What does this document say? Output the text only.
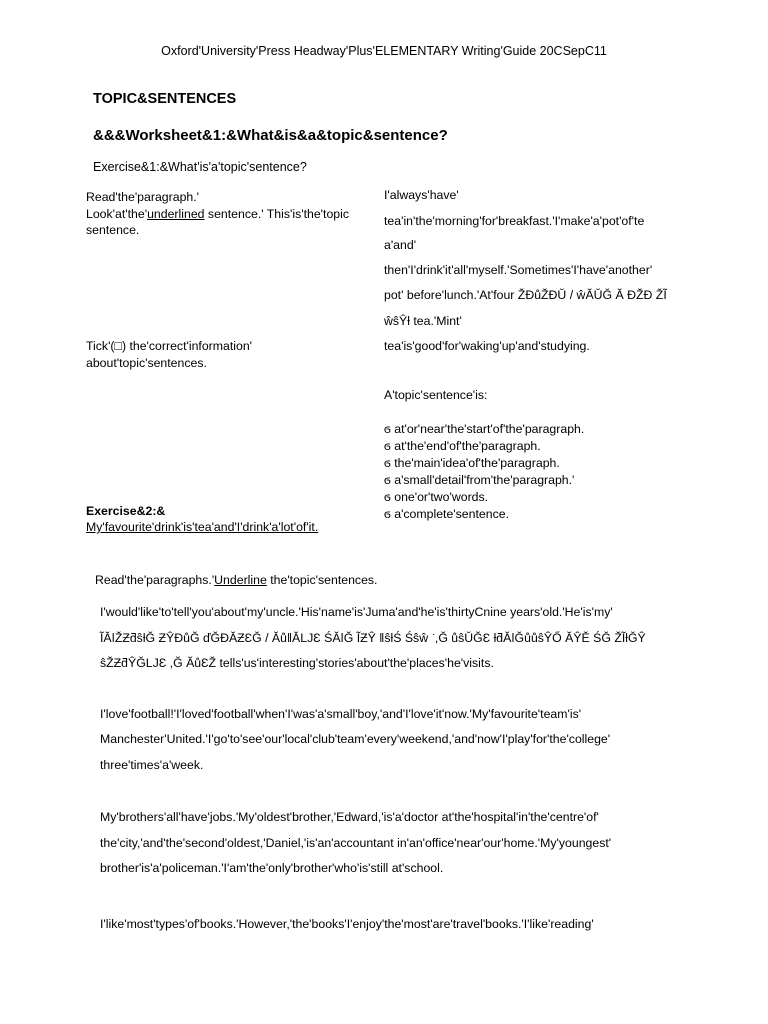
Oxford'University'Press Headway'Plus'ELEMENTARY Writing'Guide 20CSepC11
TOPIC&SENTENCES
&&&Worksheet&1:&What&is&a&topic&sentence?
Exercise&1:&What'is'a'topic'sentence?
Read'the'paragraph.'
Look'at'the'underlined sentence.' This'is'the'topic
sentence.
Tick'(□) the'correct'information'
about'topic'sentences.
I'always'have'
tea'in'the'morning'for'breakfast.'I'make'a'pot'of'te
a'and'
then'I'drink'it'all'myself.'Sometimes'I'have'another'
pot' before'lunch.'At'four ŽĐůŽĐŬ / ŵĂŬĞ Ă ĐŽĐ ŽĨ
ŵŝŶƚ tea.'Mint'
tea'is'good'for'waking'up'and'studying.
A'topic'sentence'is:
ϭ at'or'near'the'start'of'the'paragraph.
ϭ at'the'end'of'the'paragraph.
ϭ the'main'idea'of'the'paragraph.
ϭ a'small'detail'from'the'paragraph.'
ϭ one'or'two'words.
ϭ a'complete'sentence.
Exercise&2:&
My'favourite'drink'is'tea'and'I'drink'a'lot'of'it.
Read'the'paragraphs.'Underline the'topic'sentences.
I'would'like'to'tell'you'about'my'uncle.'His'name'is'Juma'and'he'is'thirtyCnine years'old.'He'is'my'
ĨĂǀŽƵƌŝƚĞ ƵŶĐůĞ ďĞĐĂƵƐĞ / ĂůǁĂǇƐ ŚĂǀĞ ĨƵŶ ǁŝƚŚ Śŝŵ ͘ ,Ğ ůŝŬĞƐ ƚƌĂǀĞůůŝŶŐ ĂŶĚ ŚĞ ŽĨƚĞŶ
ŝŽƵƌŶĞǇƐ ,Ğ ĂůƐŽ tells'us'interesting'stories'about'the'places'he'visits.
I'love'football!'I'loved'football'when'I'was'a'small'boy,'and'I'love'it'now.'My'favourite'team'is'
Manchester'United.'I'go'to'see'our'local'club'team'every'weekend,'and'now'I'play'for'the'college'
three'times'a'week.
My'brothers'all'have'jobs.'My'oldest'brother,'Edward,'is'a'doctor at'the'hospital'in'the'centre'of'
the'city,'and'the'second'oldest,'Daniel,'is'an'accountant in'an'office'near'our'home.'My'youngest'
brother'is'a'policeman.'I'am'the'only'brother'who'is'still at'school.
I'like'most'types'of'books.'However,'the'books'I'enjoy'the'most'are'travel'books.'I'like'reading'
